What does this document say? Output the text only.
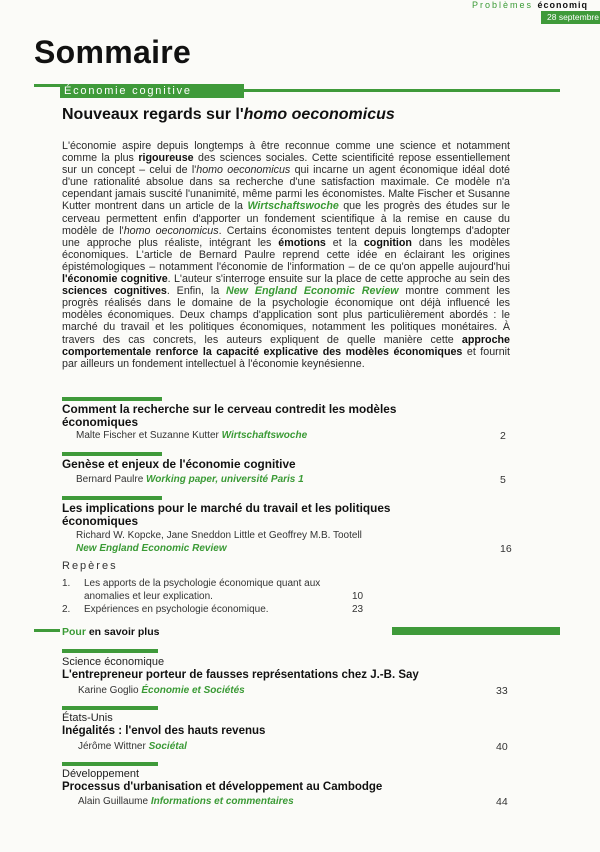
Problèmes économiq
28 septembre
Sommaire
Économie cognitive
Nouveaux regards sur l'homo oeconomicus

L'économie aspire depuis longtemps à être reconnue comme une science et notamment comme la plus rigoureuse des sciences sociales. Cette scientificité repose essentiellement sur un concept – celui de l'homo oeconomicus qui incarne un agent économique idéal doté d'une rationalité absolue dans sa recherche d'une satisfaction maximale. Ce modèle n'a cependant jamais suscité l'unanimité, même parmi les économistes. Malte Fischer et Susanne Kutter montrent dans un article de la Wirtschaftswoche que les progrès des études sur le cerveau permettent enfin d'apporter un fondement scientifique à la remise en cause du modèle de l'homo oeconomicus. Certains économistes tentent depuis longtemps d'adopter une approche plus réaliste, intégrant les émotions et la cognition dans les modèles économiques. L'article de Bernard Paulre reprend cette idée en éclairant les origines épistémologiques – notamment l'économie de l'information – de ce qu'on appelle aujourd'hui l'économie cognitive. L'auteur s'interroge ensuite sur la place de cette approche au sein des sciences cognitives. Enfin, la New England Economic Review montre comment les progrès réalisés dans le domaine de la psychologie économique ont déjà influencé les modèles économiques. Deux champs d'application sont plus particulièrement abordés : le marché du travail et les politiques économiques, notamment les politiques monétaires. À travers des cas concrets, les auteurs expliquent de quelle manière cette approche comportementale renforce la capacité explicative des modèles économiques et fournit par ailleurs un fondement intellectuel à l'économie keynésienne.

Comment la recherche sur le cerveau contredit les modèles économiques
Malte Fischer et Suzanne Kutter Wirtschaftswoche	2
Genèse et enjeux de l'économie cognitive
Bernard Paulre Working paper, université Paris 1	5
Les implications pour le marché du travail et les politiques économiques
Richard W. Kopcke, Jane Sneddon Little et Geoffrey M.B. Tootell
New England Economic Review	16
Repères
1. Les apports de la psychologie économique quant aux anomalies et leur explication.	10
2. Expériences en psychologie économique.	23
Pour en savoir plus
Science économique
L'entrepreneur porteur de fausses représentations chez J.-B. Say
Karine Goglio Économie et Sociétés	33
États-Unis
Inégalités : l'envol des hauts revenus
Jérôme Wittner Sociétal	40
Développement
Processus d'urbanisation et développement au Cambodge
Alain Guillaume Informations et commentaires	44
